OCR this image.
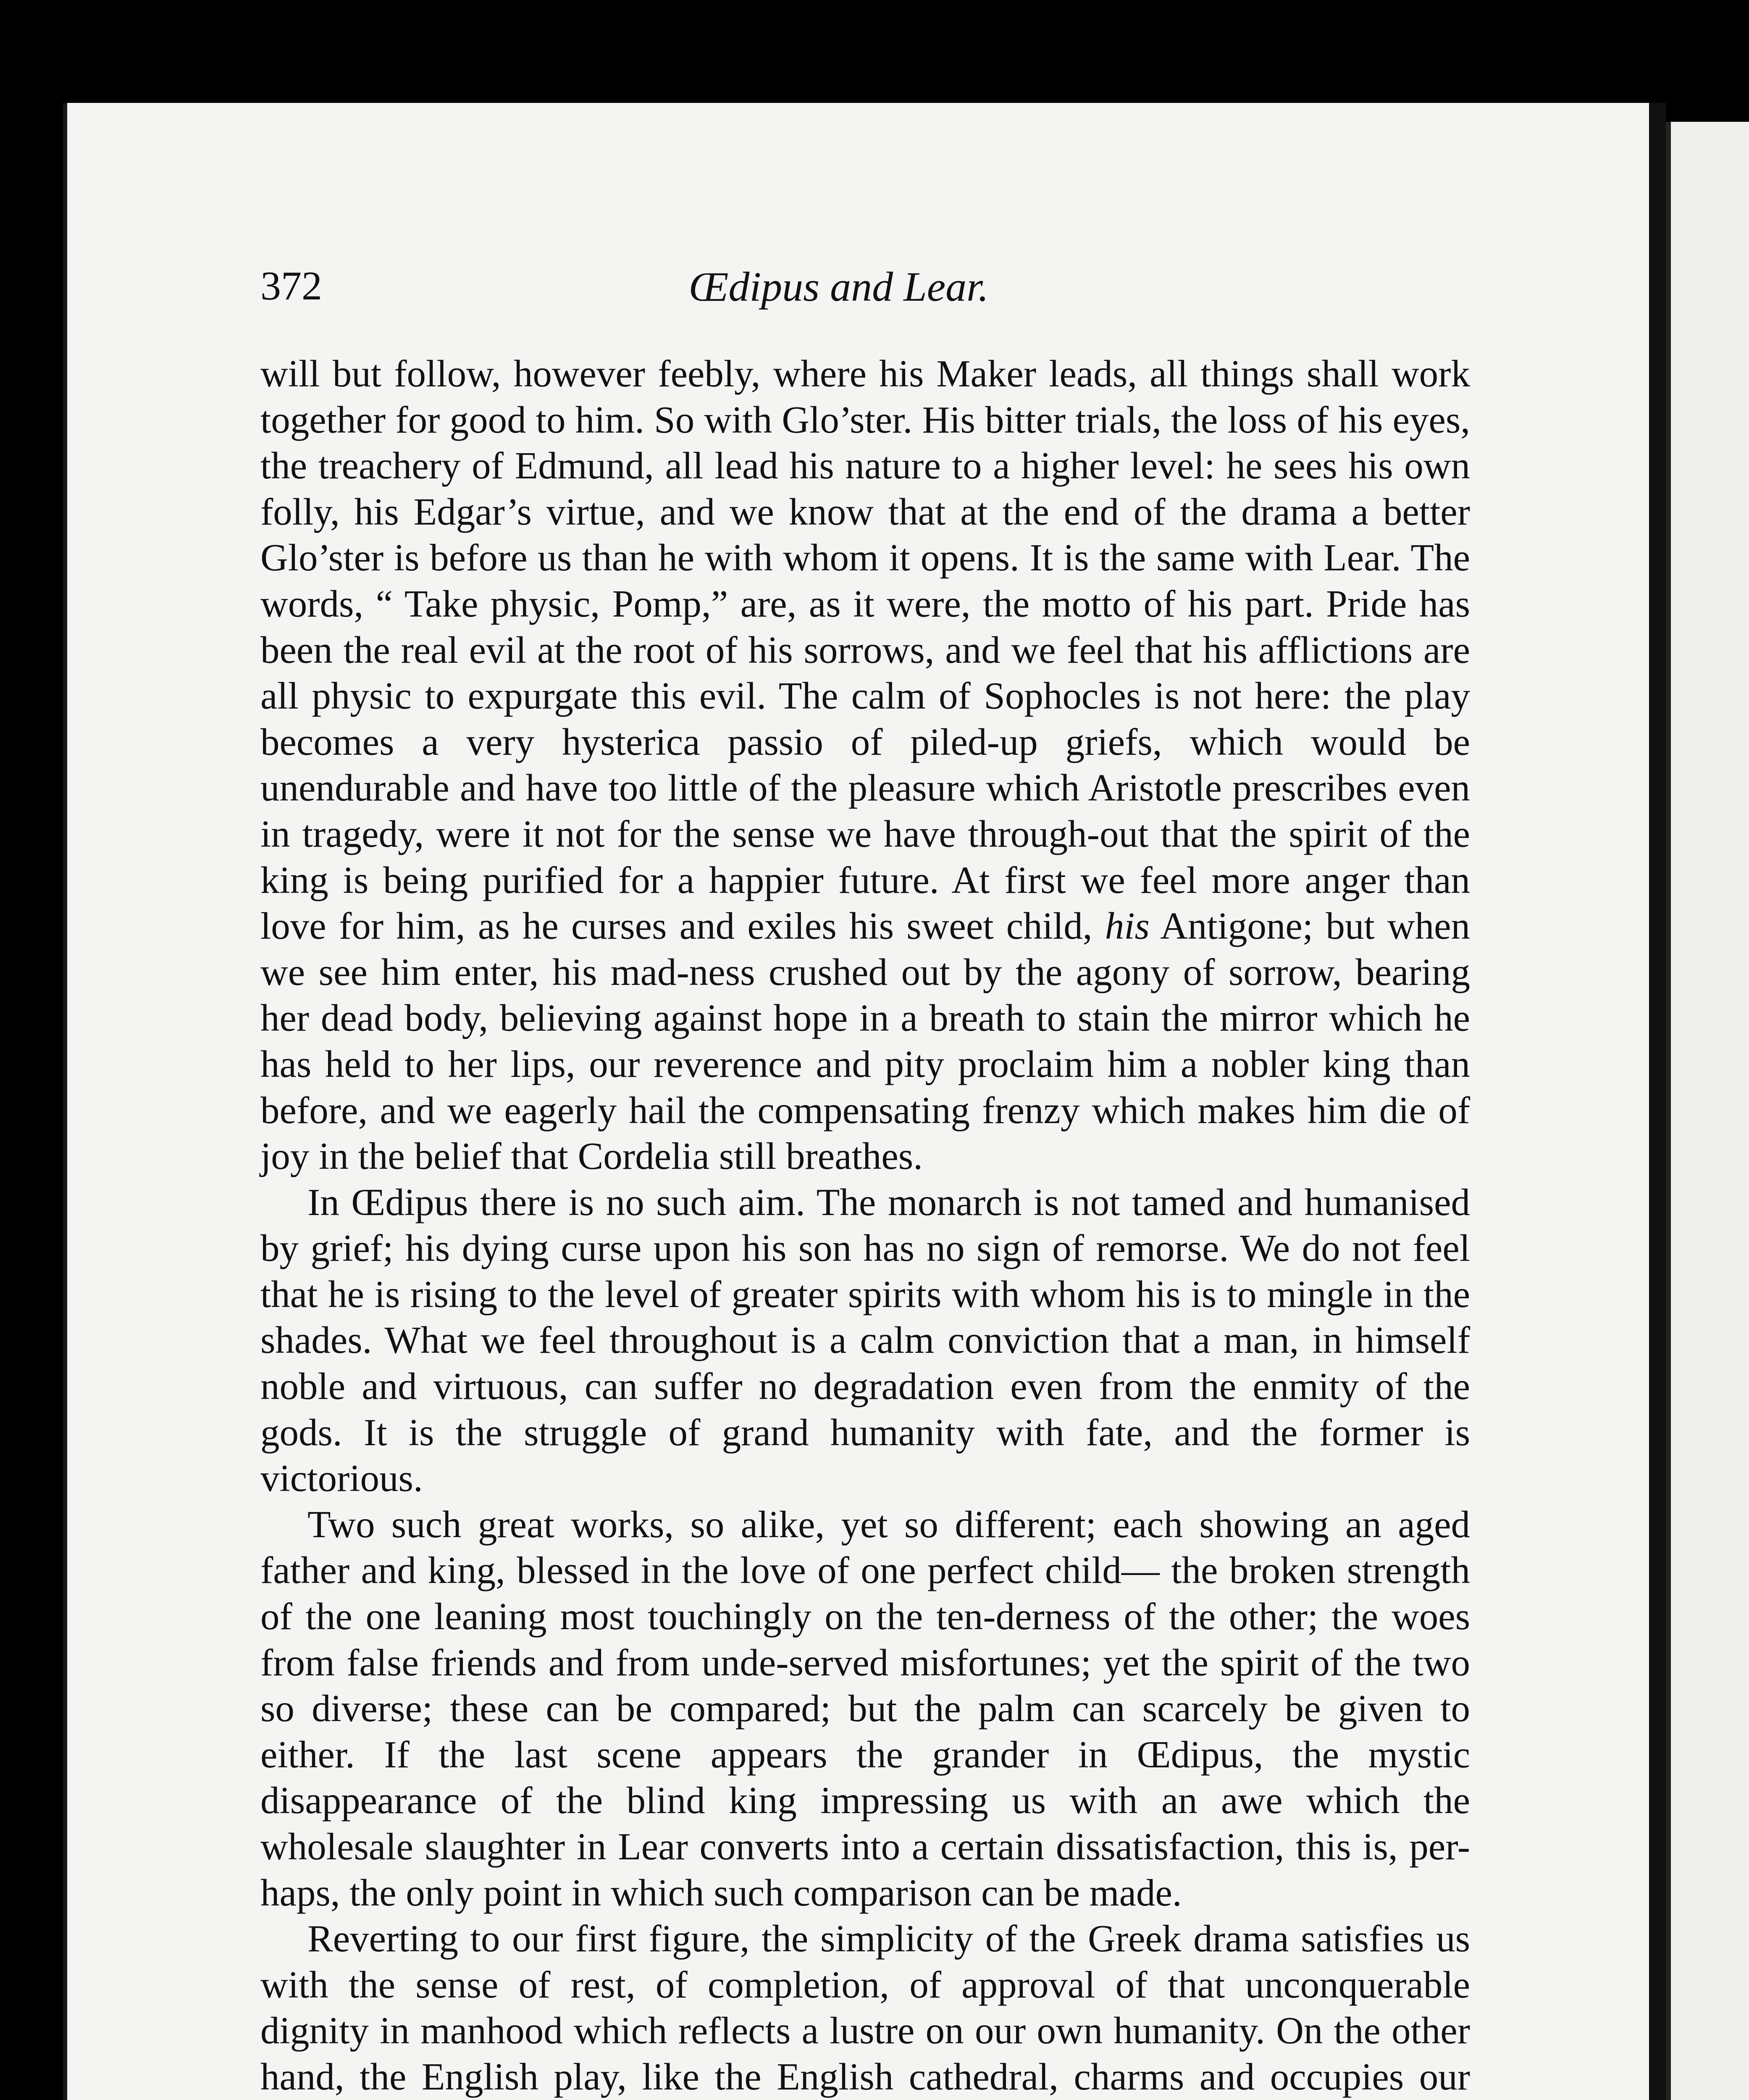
372	Œdipus and Lear.

will but follow, however feebly, where his Maker leads, all things shall work together for good to him. So with Glo’ster. His bitter trials, the loss of his eyes, the treachery of Edmund, all lead his nature to a higher level: he sees his own folly, his Edgar’s virtue, and we know that at the end of the drama a better Glo’ster is before us than he with whom it opens. It is the same with Lear. The words, “ Take physic, Pomp,” are, as it were, the motto of his part. Pride has been the real evil at the root of his sorrows, and we feel that his afflictions are all physic to expurgate this evil. The calm of Sophocles is not here: the play becomes a very hysterica passio of piled-up griefs, which would be unendurable and have too little of the pleasure which Aristotle prescribes even in tragedy, were it not for the sense we have through-out that the spirit of the king is being purified for a happier future. At first we feel more anger than love for him, as he curses and exiles his sweet child, his Antigone; but when we see him enter, his mad-ness crushed out by the agony of sorrow, bearing her dead body, believing against hope in a breath to stain the mirror which he has held to her lips, our reverence and pity proclaim him a nobler king than before, and we eagerly hail the compensating frenzy which makes him die of joy in the belief that Cordelia still breathes.

In Œdipus there is no such aim. The monarch is not tamed and humanised by grief; his dying curse upon his son has no sign of remorse. We do not feel that he is rising to the level of greater spirits with whom his is to mingle in the shades. What we feel throughout is a calm conviction that a man, in himself noble and virtuous, can suffer no degradation even from the enmity of the gods. It is the struggle of grand humanity with fate, and the former is victorious.

Two such great works, so alike, yet so different; each showing an aged father and king, blessed in the love of one perfect child— the broken strength of the one leaning most touchingly on the ten-derness of the other; the woes from false friends and from unde-served misfortunes; yet the spirit of the two so diverse; these can be compared; but the palm can scarcely be given to either. If the last scene appears the grander in Œdipus, the mystic disappearance of the blind king impressing us with an awe which the wholesale slaughter in Lear converts into a certain dissatisfaction, this is, per-haps, the only point in which such comparison can be made.

Reverting to our first figure, the simplicity of the Greek drama satisfies us with the sense of rest, of completion, of approval of that unconquerable dignity in manhood which reflects a lustre on our own humanity. On the other hand, the English play, like the English cathedral, charms and occupies our
